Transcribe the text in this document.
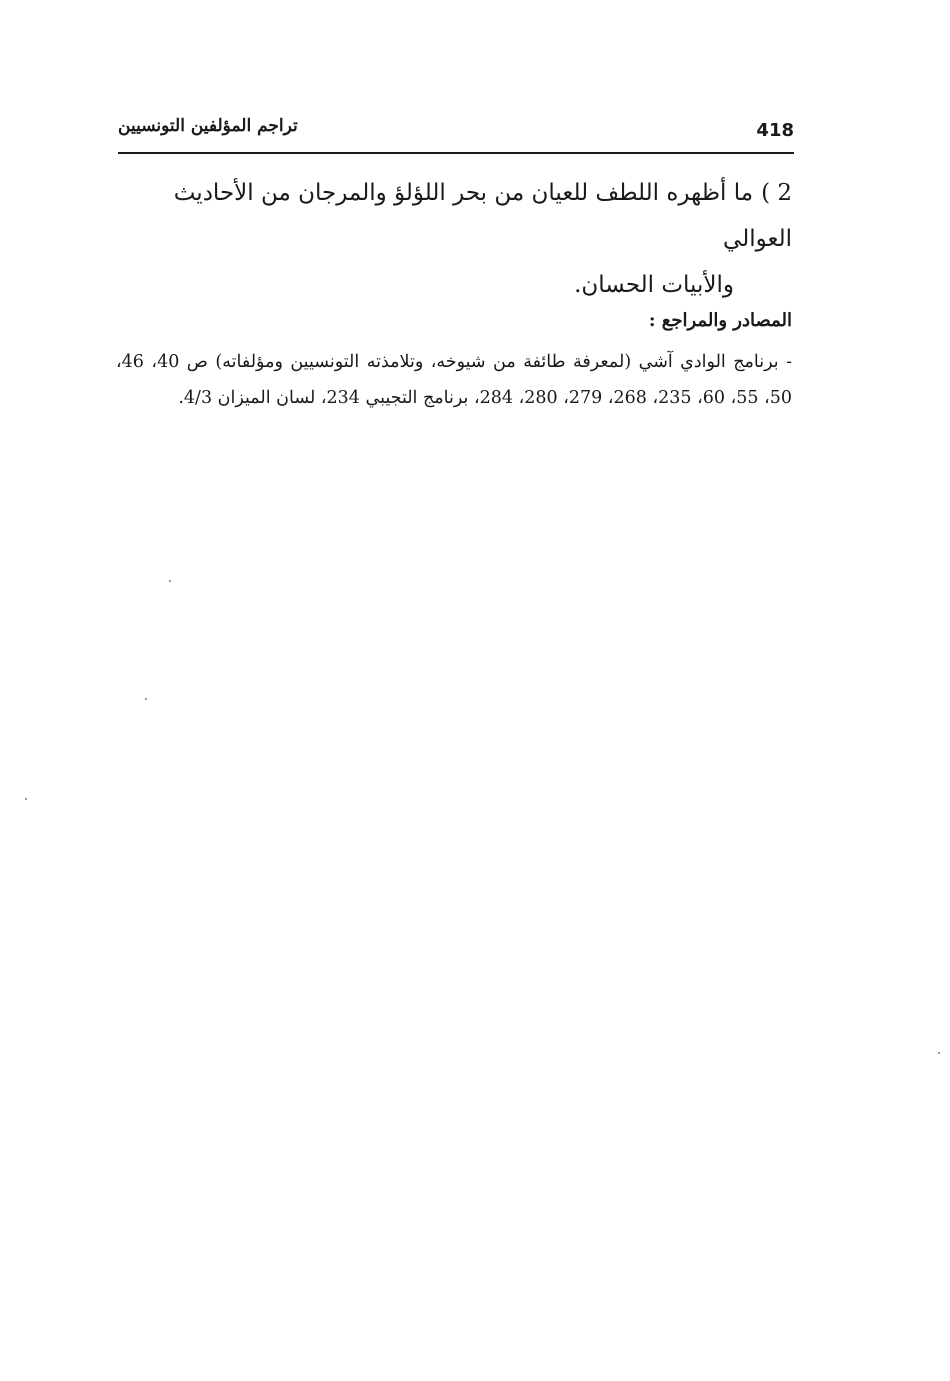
418
تراجم المؤلفين التونسيين
2 )ما أظهره اللطف للعيان من بحر اللؤلؤ والمرجان من الأحاديث العوالي
والأبيات الحسان.
المصادر والمراجع :
- برنامج الوادي آشي (لمعرفة طائفة من شيوخه، وتلامذته التونسيين ومؤلفاته) ص 40، 46، 50، 55، 60، 235، 268، 279، 280، 284، برنامج التجيبي 234، لسان الميزان 4/3.
